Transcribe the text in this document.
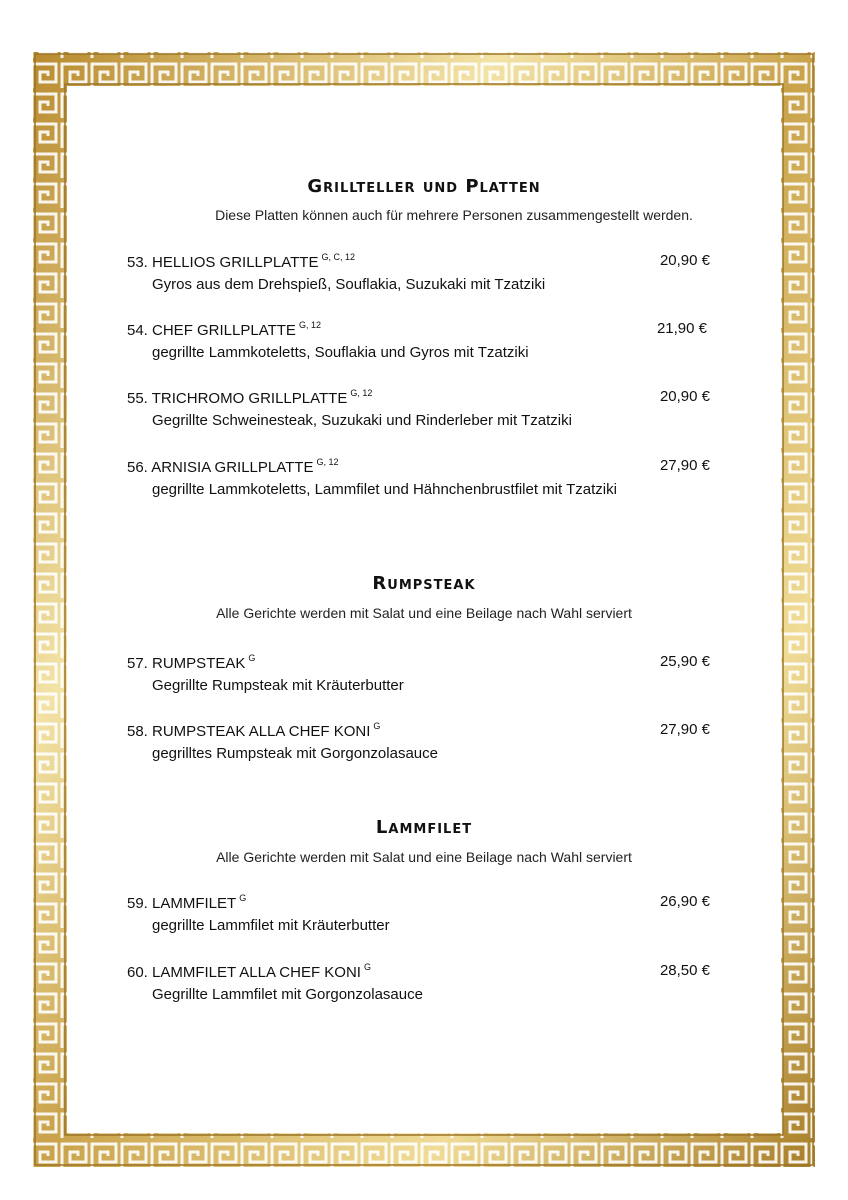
Grillteller und Platten
Diese Platten können auch für mehrere Personen zusammengestellt werden.
53. HELLIOS GRILLPLATTE $^{G, C, 12}$	20,90 €
Gyros aus dem Drehspieß, Souflakia, Suzukaki mit Tzatziki
54. CHEF GRILLPLATTE $^{G, 12}$	21,90 €
gegrillte Lammkoteletts, Souflakia und Gyros mit Tzatziki
55. TRICHROMO GRILLPLATTE $^{G, 12}$	20,90 €
Gegrillte Schweinesteak, Suzukaki und Rinderleber mit Tzatziki
56. ARNISIA GRILLPLATTE $^{G, 12}$	27,90 €
gegrillte Lammkoteletts, Lammfilet und Hähnchenbrustfilet mit Tzatziki
Rumpsteak
Alle Gerichte werden mit Salat und eine Beilage nach Wahl serviert
57. RUMPSTEAK $^G$	25,90 €
Gegrillte Rumpsteak mit Kräuterbutter
58. RUMPSTEAK ALLA CHEF KONI $^G$	27,90 €
gegrilltes Rumpsteak mit Gorgonzolasauce
Lammfilet
Alle Gerichte werden mit Salat und eine Beilage nach Wahl serviert
59. LAMMFILET $^G$	26,90 €
gegrillte Lammfilet mit Kräuterbutter
60. LAMMFILET ALLA CHEF KONI $^G$	28,50 €
Gegrillte Lammfilet mit Gorgonzolasauce
